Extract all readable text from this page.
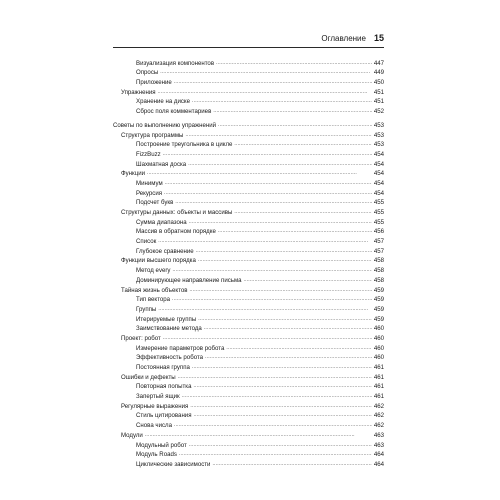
Оглавление 15
Визуализация компонентов . . .	447
Опросы . . .	449
Приложение . . .	450
Упражнения . . .	451
Хранение на диске . . .	451
Сброс поля комментариев . . .	452
Советы по выполнению упражнений . . .	453
Структура программы . . .	453
Построение треугольника в цикле . . .	453
FizzBuzz . . .	454
Шахматная доска . . .	454
Функции . . .	454
Минимум . . .	454
Рекурсия . . .	454
Подсчет букв . . .	455
Структуры данных: объекты и массивы . . .	455
Сумма диапазона . . .	455
Массив в обратном порядке . . .	456
Список . . .	457
Глубокое сравнение . . .	457
Функции высшего порядка . . .	458
Метод every . . .	458
Доминирующее направление письма . . .	458
Тайная жизнь объектов . . .	459
Тип вектора . . .	459
Группы . . .	459
Итерируемые группы . . .	459
Заимствование метода . . .	460
Проект: робот . . .	460
Измерение параметров робота . . .	460
Эффективность робота . . .	460
Постоянная группа . . .	461
Ошибки и дефекты . . .	461
Повторная попытка . . .	461
Запертый ящик . . .	461
Регулярные выражения . . .	462
Стиль цитирования . . .	462
Снова числа . . .	462
Модули . . .	463
Модульный робот . . .	463
Модуль Roads . . .	464
Циклические зависимости . . .	464
